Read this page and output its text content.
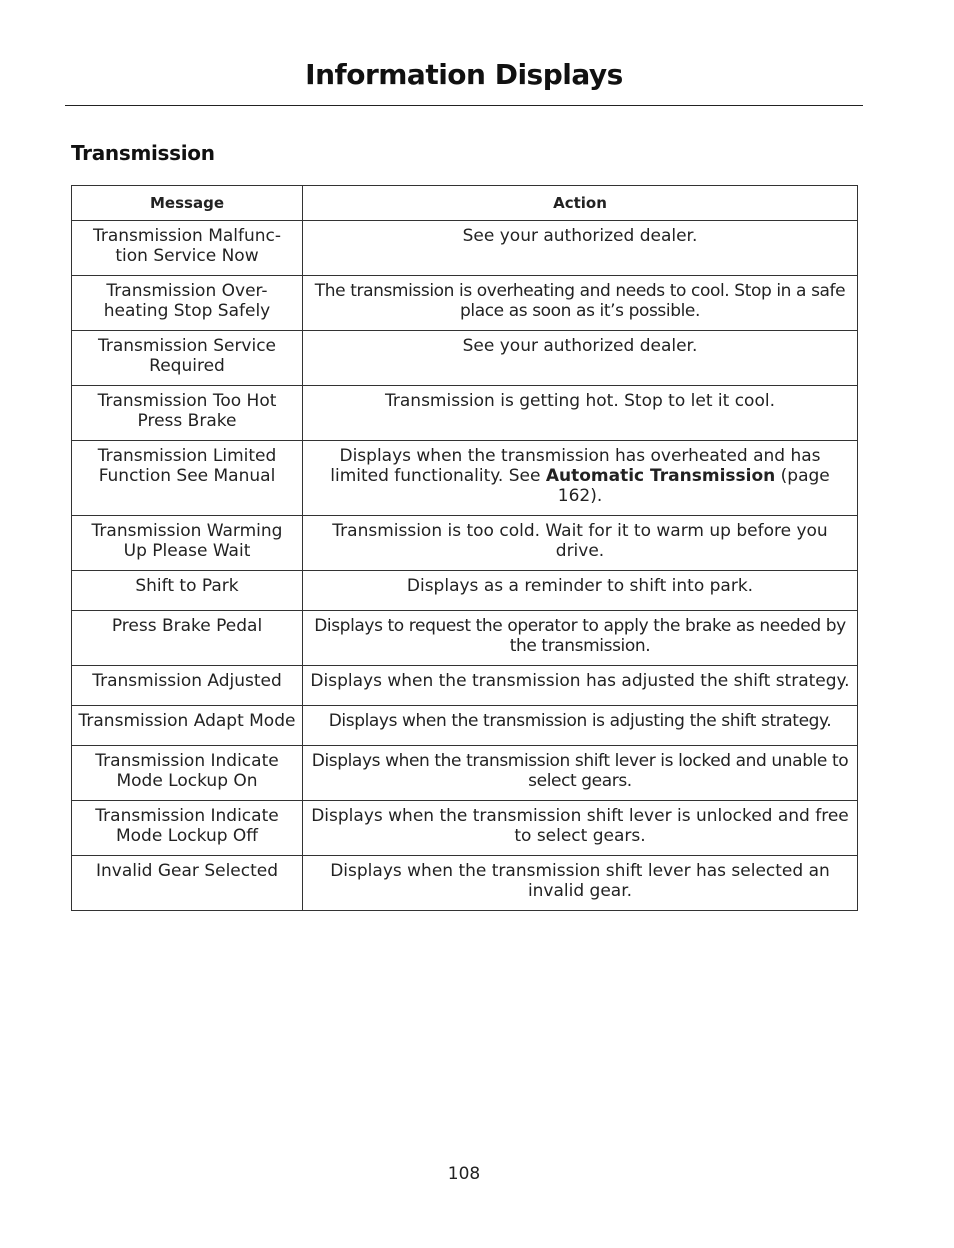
Information Displays
Transmission
Message	Action
Transmission Malfunc-tion Service Now	See your authorized dealer.
Transmission Over-heating Stop Safely	The transmission is overheating and needs to cool. Stop in a safe place as soon as it’s possible.
Transmission Service Required	See your authorized dealer.
Transmission Too Hot Press Brake	Transmission is getting hot. Stop to let it cool.
Transmission Limited Function See Manual	Displays when the transmission has overheated and has limited functionality. See Automatic Transmission (page 162).
Transmission Warming Up Please Wait	Transmission is too cold. Wait for it to warm up before you drive.
Shift to Park	Displays as a reminder to shift into park.
Press Brake Pedal	Displays to request the operator to apply the brake as needed by the transmission.
Transmission Adjusted	Displays when the transmission has adjusted the shift strategy.
Transmission Adapt Mode	Displays when the transmission is adjusting the shift strategy.
Transmission Indicate Mode Lockup On	Displays when the transmission shift lever is locked and unable to select gears.
Transmission Indicate Mode Lockup Off	Displays when the transmission shift lever is unlocked and free to select gears.
Invalid Gear Selected	Displays when the transmission shift lever has selected an invalid gear.
108
